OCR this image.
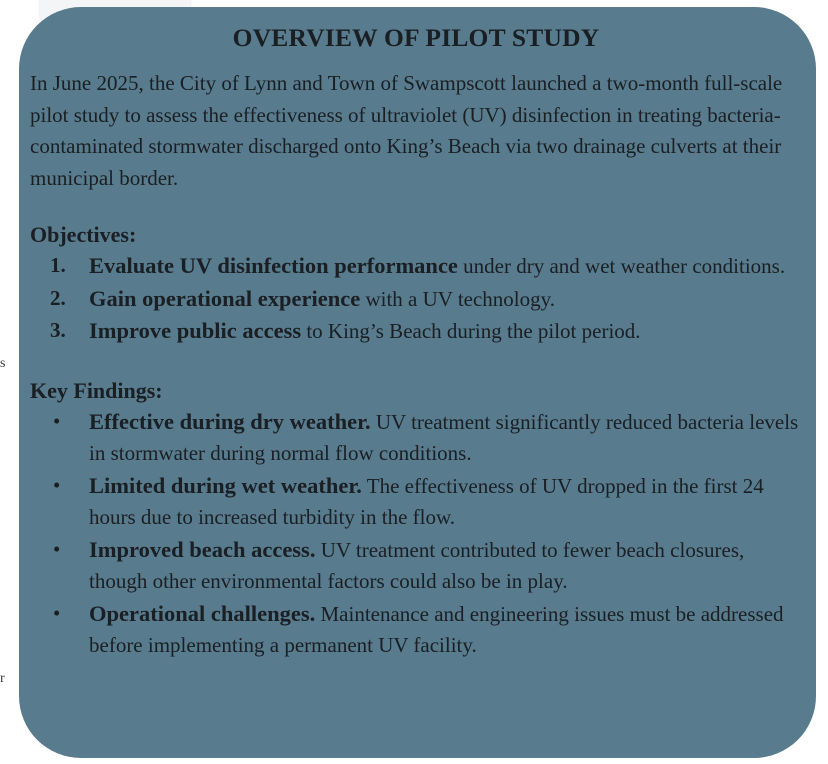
s
r
OVERVIEW OF PILOT STUDY

In June 2025, the City of Lynn and Town of Swampscott launched a two-month full-scale pilot study to assess the effectiveness of ultraviolet (UV) disinfection in treating bacteria-contaminated stormwater discharged onto King’s Beach via two drainage culverts at their municipal border.

Objectives:
1. Evaluate UV disinfection performance under dry and wet weather conditions.
2. Gain operational experience with a UV technology.
3. Improve public access to King’s Beach during the pilot period.
Key Findings:
• Effective during dry weather. UV treatment significantly reduced bacteria levels in stormwater during normal flow conditions.
• Limited during wet weather. The effectiveness of UV dropped in the first 24 hours due to increased turbidity in the flow.
• Improved beach access. UV treatment contributed to fewer beach closures, though other environmental factors could also be in play.
• Operational challenges. Maintenance and engineering issues must be addressed before implementing a permanent UV facility.
